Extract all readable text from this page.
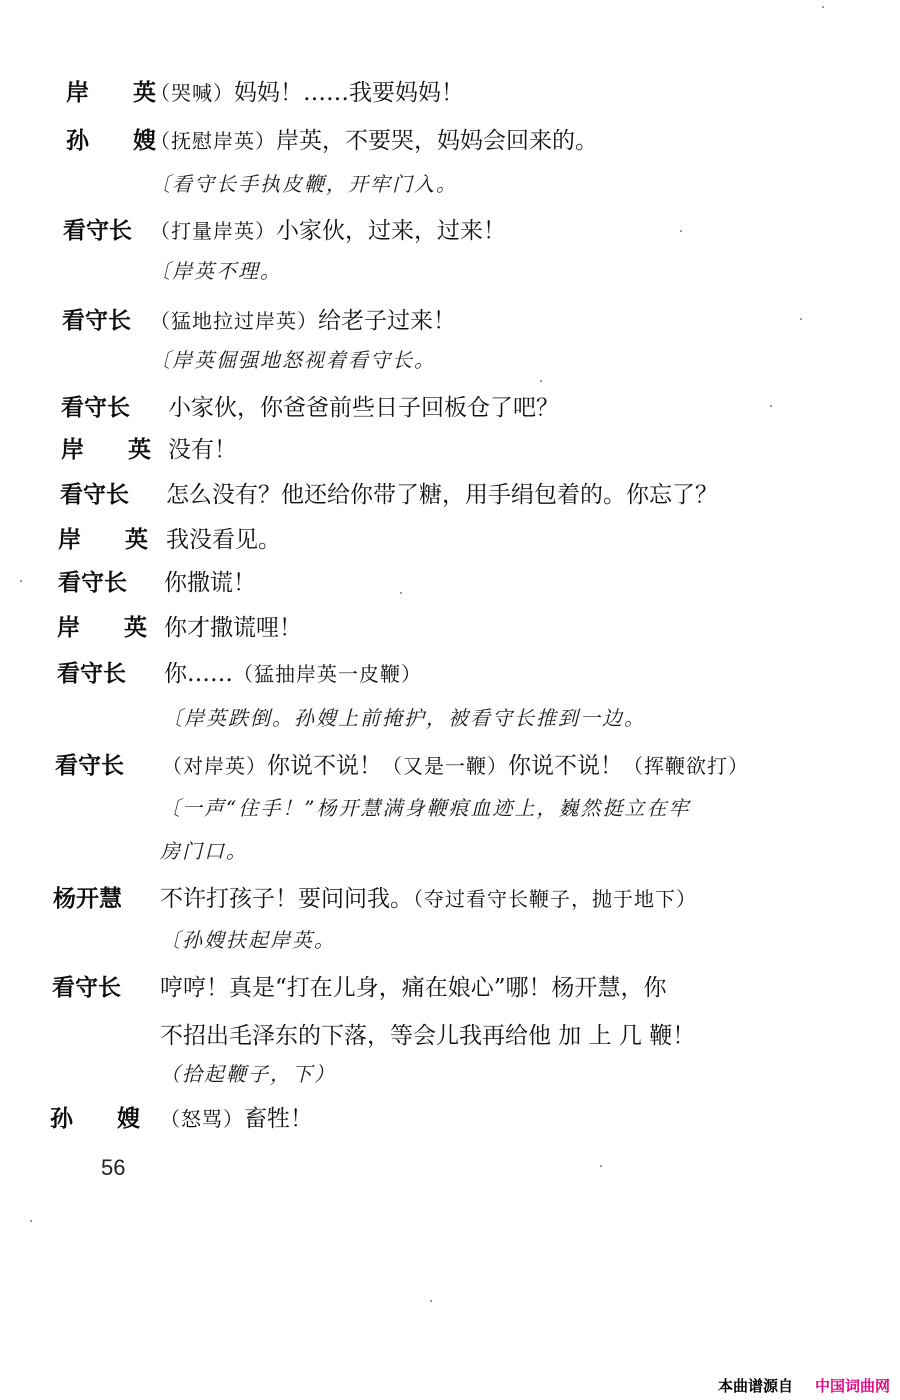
岸 英
（哭喊）妈妈！……我要妈妈！
孙 嫂
（抚慰岸英）岸英，不要哭，妈妈会回来的。
〔看守长手执皮鞭，开牢门入。
看守长 （打量岸英）小家伙，过来，过来！
〔岸英不理。
看守长 （猛地拉过岸英）给老子过来！
〔岸英倔强地怒视着看守长。
看守长 小家伙，你爸爸前些日子回板仓了吧？
岸 英 没有！
看守长 怎么没有？他还给你带了糖，用手绢包着的。你忘了？
岸 英 我没看见。
看守长 你撒谎！
岸 英 你才撒谎哩！
看守长 你……（猛抽岸英一皮鞭）
〔岸英跌倒。孙嫂上前掩护，被看守长推到一边。
看守长 （对岸英）你说不说！（又是一鞭）你说不说！（挥鞭欲打）
〔一声“住手！”杨开慧满身鞭痕血迹上，巍然挺立在牢
房门口。
杨开慧 不许打孩子！要问问我。（夺过看守长鞭子，抛于地下）
〔孙嫂扶起岸英。
看守长 哼哼！真是“打在儿身，痛在娘心”哪！杨开慧，你
不招出毛泽东的下落，等会儿我再给他 加 上 几 鞭！
（拾起鞭子，下）
孙 嫂 （怒骂）畜牲！
56
本曲谱源自 中国词曲网
